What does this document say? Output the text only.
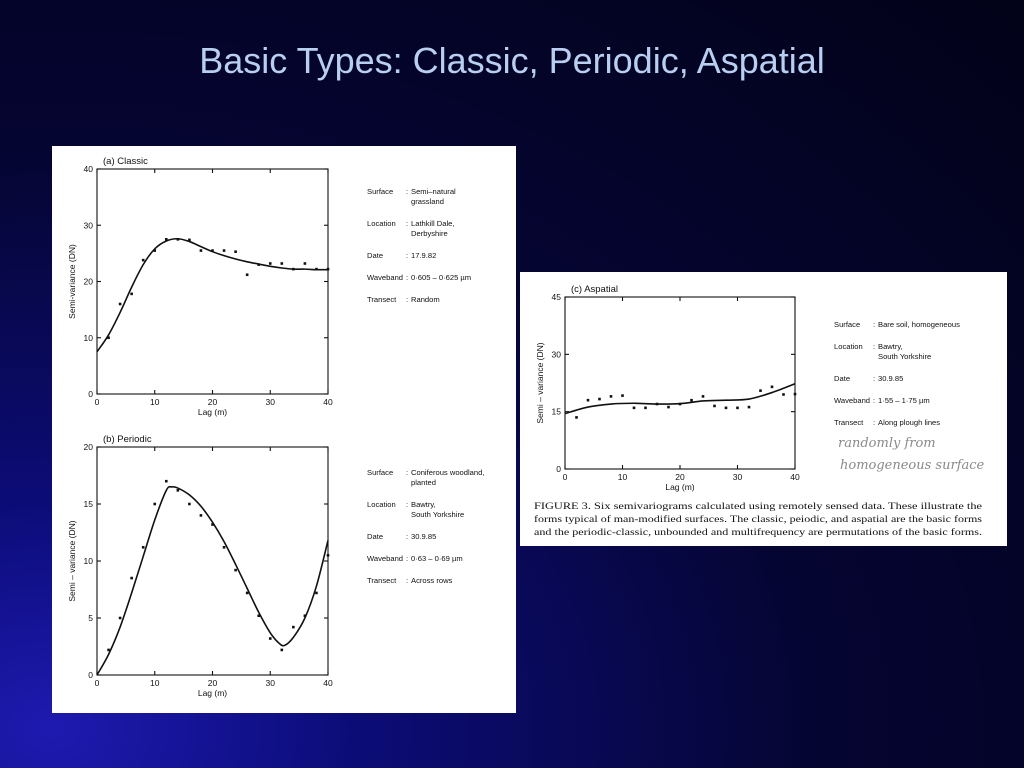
Basic Types: Classic, Periodic, Aspatial
(a) Classic
0	10	20	30	40
0
10
20
30
40
Lag (m)
Semi-variance (DN)
Surface : Semi–natural
grassland
Location : Lathkill Dale,
Derbyshire
Date	: 17.9.82
Waveband : 0·605 – 0·625 µm
Transect : Random
(b) Periodic
0	10	20	30	40
0
5
10
15
20
Lag (m)
Semi – variance (DN)
Surface : Coniferous woodland,
planted
Location : Bawtry,
South Yorkshire
Date	: 30.9.85
Waveband : 0·63 – 0·69 µm
Transect : Across rows
(c) Aspatial
0	10	20	30	40
0
15
30
45
Lag (m)
Semi – variance (DN)
Surface : Bare soil, homogeneous
Location : Bawtry,
South Yorkshire
Date	: 30.9.85
Waveband : 1·55 – 1·75 µm
Transect : Along plough lines
FIGURE 3. Six semivariograms calculated using remotely sensed data. These illustrate the
forms typical of man-modified surfaces. The classic, peiodic, and aspatial are the basic forms
and the periodic-classic, unbounded and multifrequency are permutations of the basic forms.
randomly from
homogeneous surface
